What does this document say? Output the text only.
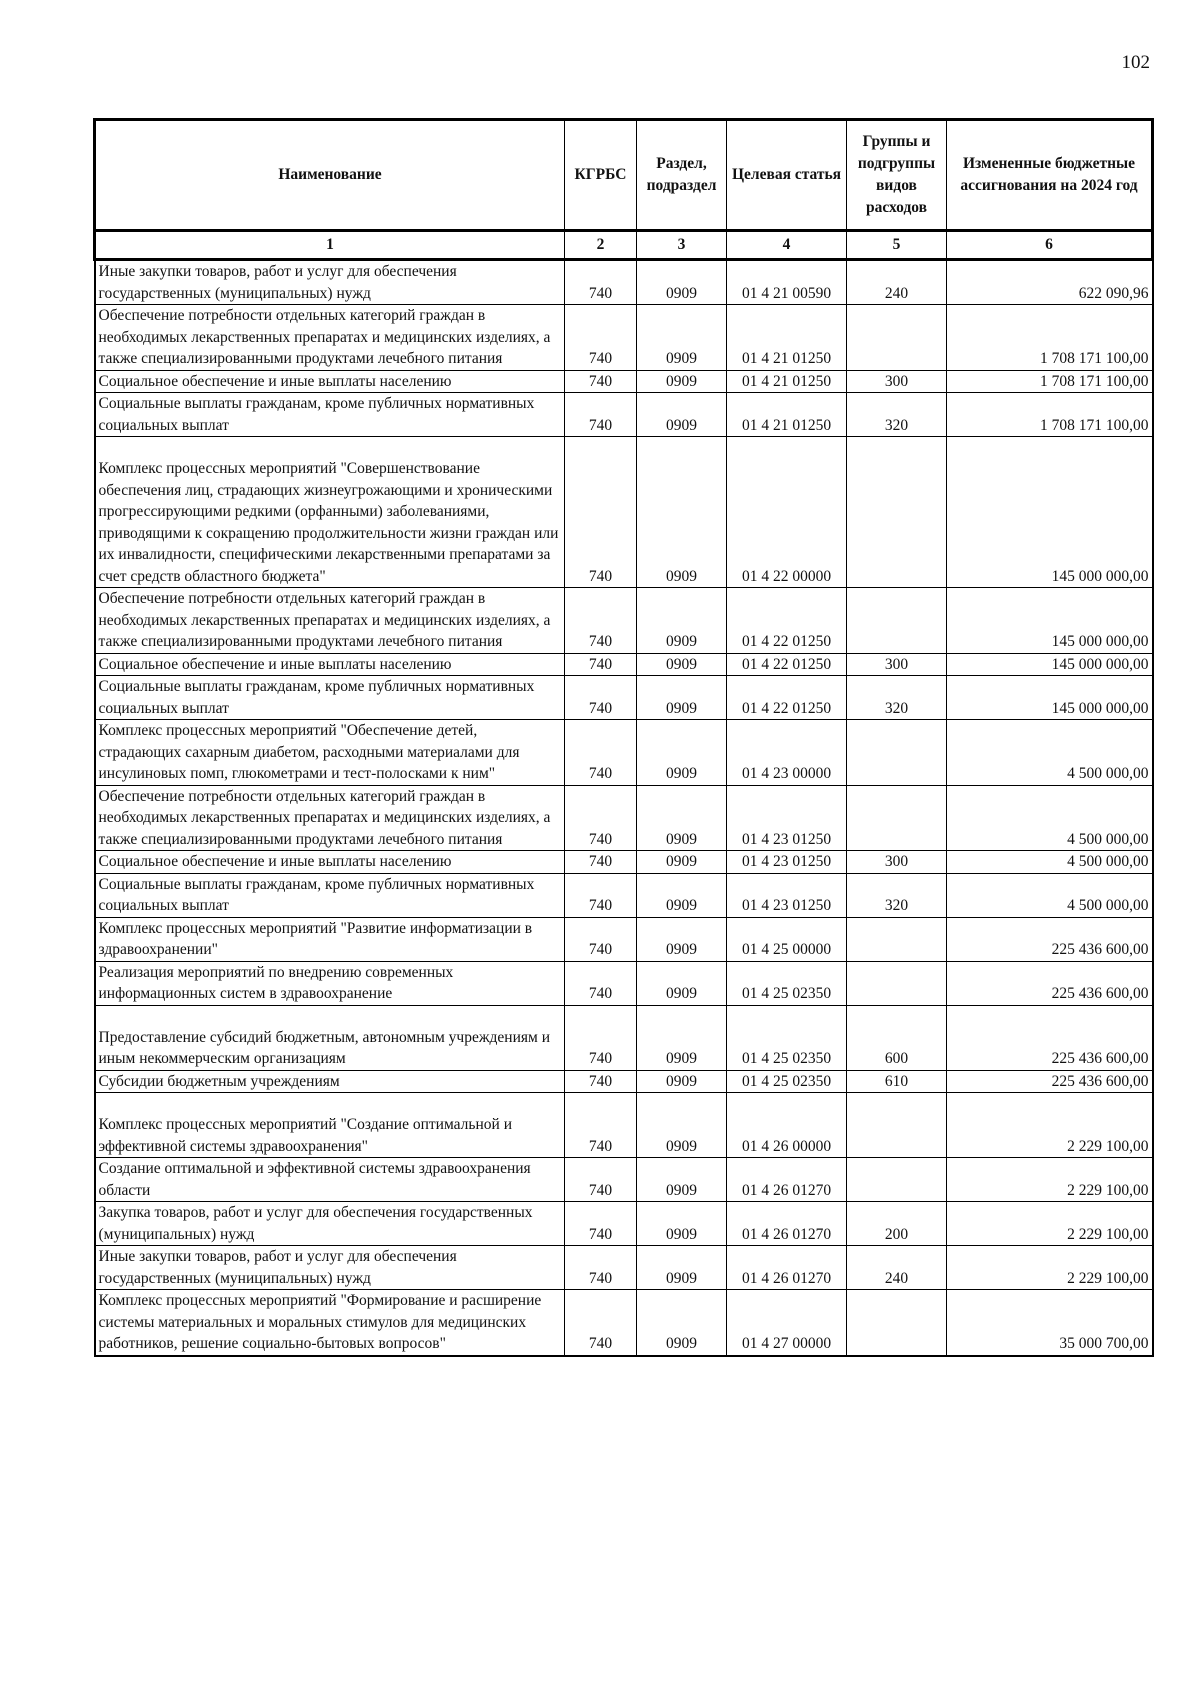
102
Наименование	КГРБС	Раздел, подраздел	Целевая статья	Группы и подгруппы видов расходов	Измененные бюджетные ассигнования на 2024 год
1	2	3	4	5	6
Иные закупки товаров, работ и услуг для обеспечения государственных (муниципальных) нужд	740	0909	01 4 21 00590	240	622 090,96
Обеспечение потребности отдельных категорий граждан в необходимых лекарственных препаратах и медицинских изделиях, а также специализированными продуктами лечебного питания	740	0909	01 4 21 01250		1 708 171 100,00
Социальное обеспечение и иные выплаты населению	740	0909	01 4 21 01250	300	1 708 171 100,00
Социальные выплаты гражданам, кроме публичных нормативных социальных выплат	740	0909	01 4 21 01250	320	1 708 171 100,00

Комплекс процессных мероприятий "Совершенствование обеспечения лиц, страдающих жизнеугрожающими и хроническими прогрессирующими редкими (орфанными) заболеваниями, приводящими к сокращению продолжительности жизни граждан или их инвалидности, специфическими лекарственными препаратами за счет средств областного бюджета"	740	0909	01 4 22 00000		145 000 000,00
Обеспечение потребности отдельных категорий граждан в необходимых лекарственных препаратах и медицинских изделиях, а также специализированными продуктами лечебного питания	740	0909	01 4 22 01250		145 000 000,00
Социальное обеспечение и иные выплаты населению	740	0909	01 4 22 01250	300	145 000 000,00
Социальные выплаты гражданам, кроме публичных нормативных социальных выплат	740	0909	01 4 22 01250	320	145 000 000,00
Комплекс процессных мероприятий "Обеспечение детей, страдающих сахарным диабетом, расходными материалами для инсулиновых помп, глюкометрами и тест-полосками к ним"	740	0909	01 4 23 00000		4 500 000,00
Обеспечение потребности отдельных категорий граждан в необходимых лекарственных препаратах и медицинских изделиях, а также специализированными продуктами лечебного питания	740	0909	01 4 23 01250		4 500 000,00
Социальное обеспечение и иные выплаты населению	740	0909	01 4 23 01250	300	4 500 000,00
Социальные выплаты гражданам, кроме публичных нормативных социальных выплат	740	0909	01 4 23 01250	320	4 500 000,00
Комплекс процессных мероприятий "Развитие информатизации в здравоохранении"	740	0909	01 4 25 00000		225 436 600,00
Реализация мероприятий по внедрению современных информационных систем в здравоохранение	740	0909	01 4 25 02350		225 436 600,00

Предоставление субсидий бюджетным, автономным учреждениям и иным некоммерческим организациям	740	0909	01 4 25 02350	600	225 436 600,00
Субсидии бюджетным учреждениям	740	0909	01 4 25 02350	610	225 436 600,00

Комплекс процессных мероприятий "Создание оптимальной и эффективной системы здравоохранения"	740	0909	01 4 26 00000		2 229 100,00
Создание оптимальной и эффективной системы здравоохранения области	740	0909	01 4 26 01270		2 229 100,00
Закупка товаров, работ и услуг для обеспечения государственных (муниципальных) нужд	740	0909	01 4 26 01270	200	2 229 100,00
Иные закупки товаров, работ и услуг для обеспечения государственных (муниципальных) нужд	740	0909	01 4 26 01270	240	2 229 100,00
Комплекс процессных мероприятий "Формирование и расширение системы материальных и моральных стимулов для медицинских работников, решение социально-бытовых вопросов"	740	0909	01 4 27 00000		35 000 700,00
